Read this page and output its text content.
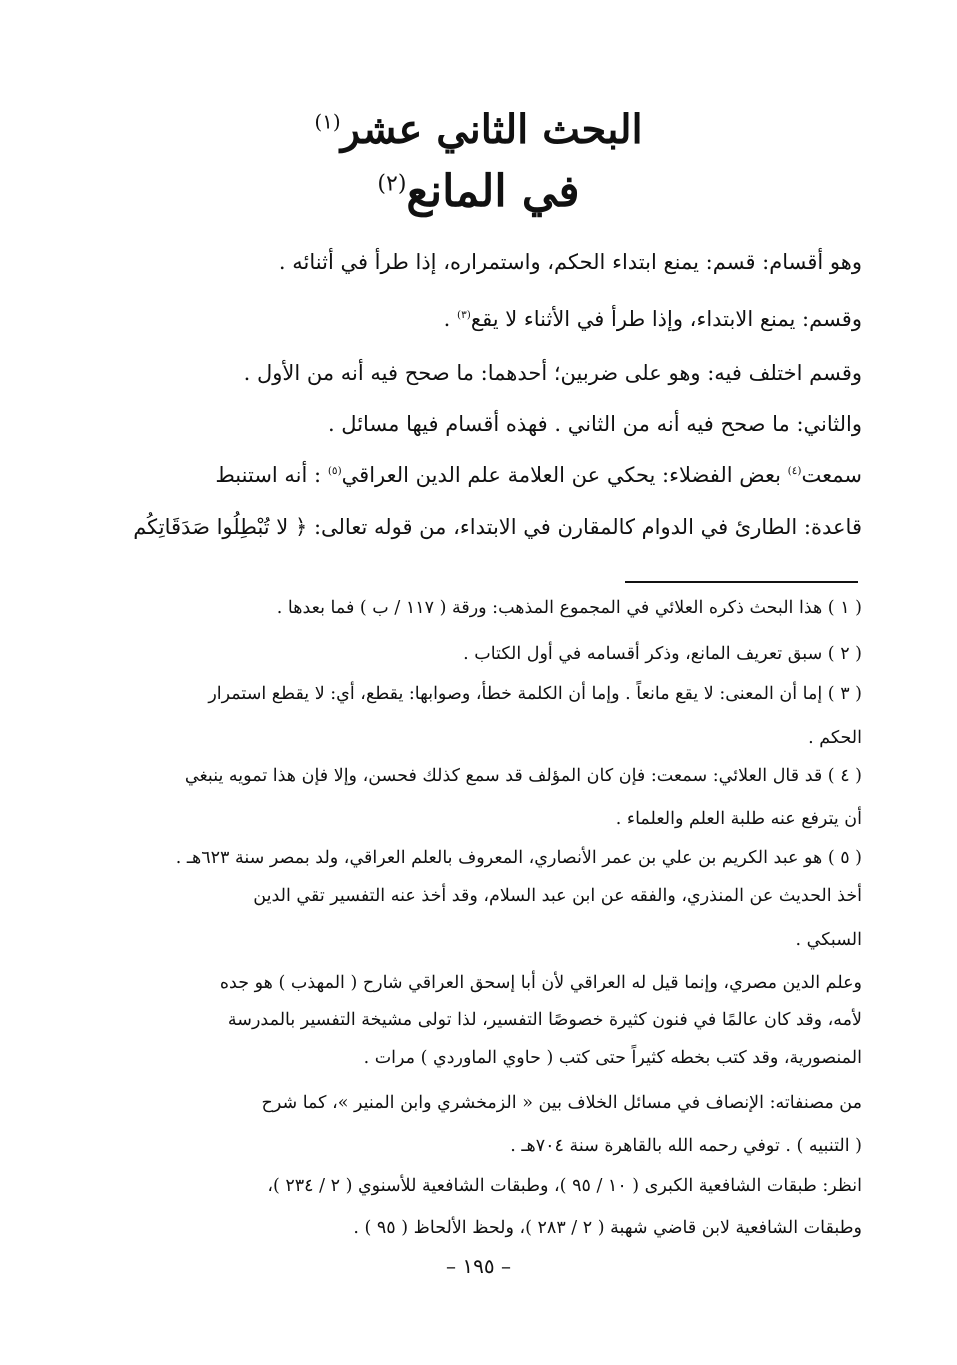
البحث الثاني عشر$^{(١)}$
في المانع$^{(٢)}$
وهو أقسام: قسم: يمنع ابتداء الحكم، واستمراره، إذا طرأ في أثنائه .
وقسم: يمنع الابتداء، وإذا طرأ في الأثناء لا يقع$^{(٣)}$ .
وقسم اختلف فيه: وهو على ضربين؛ أحدهما: ما صحح فيه أنه من الأول .
والثاني: ما صحح فيه أنه من الثاني . فهذه أقسام فيها مسائل .
سمعت$^{(٤)}$ بعض الفضلاء: يحكي عن العلامة علم الدين العراقي$^{(٥)}$ : أنه استنبط
قاعدة: الطارئ في الدوام كالمقارن في الابتداء، من قوله تعالى: ﴿ لا تُبْطِلُوا صَدَقَاتِكُم
( ١ ) هذا البحث ذكره العلائي في المجموع المذهب: ورقة ( ١١٧ / ب ) فما بعدها .
( ٢ ) سبق تعريف المانع، وذكر أقسامه في أول الكتاب .
( ٣ ) إما أن المعنى: لا يقع مانعاً . وإما أن الكلمة خطأ، وصوابها: يقطع، أي: لا يقطع استمرار
الحكم .
( ٤ ) قد قال العلائي: سمعت: فإن كان المؤلف قد سمع كذلك فحسن، وإلا فإن هذا تمويه ينبغي
أن يترفع عنه طلبة العلم والعلماء .
( ٥ ) هو عبد الكريم بن علي بن عمر الأنصاري، المعروف بالعلم العراقي، ولد بمصر سنة ٦٢٣هـ .
أخذ الحديث عن المنذري، والفقه عن ابن عبد السلام، وقد أخذ عنه التفسير تقي الدين
السبكي .
وعلم الدين مصري، وإنما قيل له العراقي لأن أبا إسحق العراقي شارح ( المهذب ) هو جده
لأمه، وقد كان عالمًا في فنون كثيرة خصوصًا التفسير، لذا تولى مشيخة التفسير بالمدرسة
المنصورية، وقد كتب بخطه كثيراً حتى كتب ( حاوي الماوردي ) مرات .
من مصنفاته: الإنصاف في مسائل الخلاف بين « الزمخشري وابن المنير »، كما شرح
( التنبيه ) . توفي رحمه الله بالقاهرة سنة ٧٠٤هـ .
انظر: طبقات الشافعية الكبرى ( ١٠ / ٩٥ )، وطبقات الشافعية للأسنوي ( ٢ / ٢٣٤ )،
وطبقات الشافعية لابن قاضي شهبة ( ٢ / ٢٨٣ )، ولحظ الألحاظ ( ٩٥ ) .
– ١٩٥ –
